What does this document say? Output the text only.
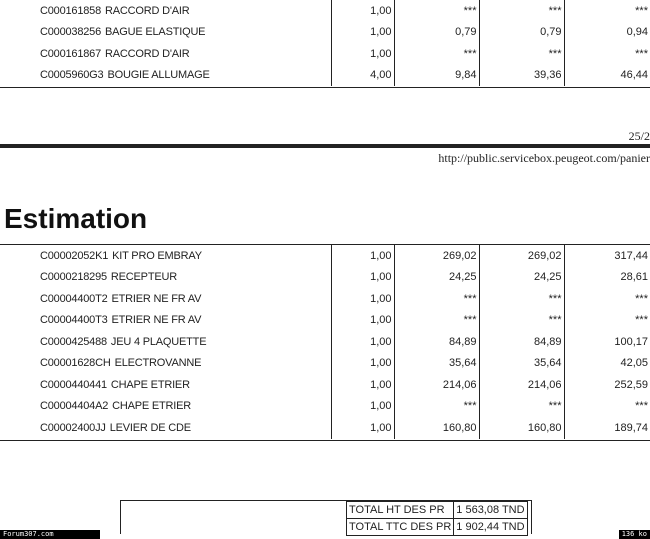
C000161858 RACCORD D'AIR	1,00	***	***	***
C000038256 BAGUE ELASTIQUE	1,00	0,79	0,79	0,94
C000161867 RACCORD D'AIR	1,00	***	***	***
C0005960G3 BOUGIE ALLUMAGE	4,00	9,84	39,36	46,44
25/2
http://public.servicebox.peugeot.com/panier
Estimation
C00002052K1 KIT PRO EMBRAY	1,00	269,02	269,02	317,44
C0000218295 RECEPTEUR	1,00	24,25	24,25	28,61
C00004400T2 ETRIER NE FR AV	1,00	***	***	***
C00004400T3 ETRIER NE FR AV	1,00	***	***	***
C0000425488 JEU 4 PLAQUETTE	1,00	84,89	84,89	100,17
C00001628CH ELECTROVANNE	1,00	35,64	35,64	42,05
C0000440441 CHAPE ETRIER	1,00	214,06	214,06	252,59
C00004404A2 CHAPE ETRIER	1,00	***	***	***
C00002400JJ LEVIER DE CDE	1,00	160,80	160,80	189,74
TOTAL HT DES PR	1 563,08 TND
TOTAL TTC DES PR	1 902,44 TND
Forum307.com	136 ko
